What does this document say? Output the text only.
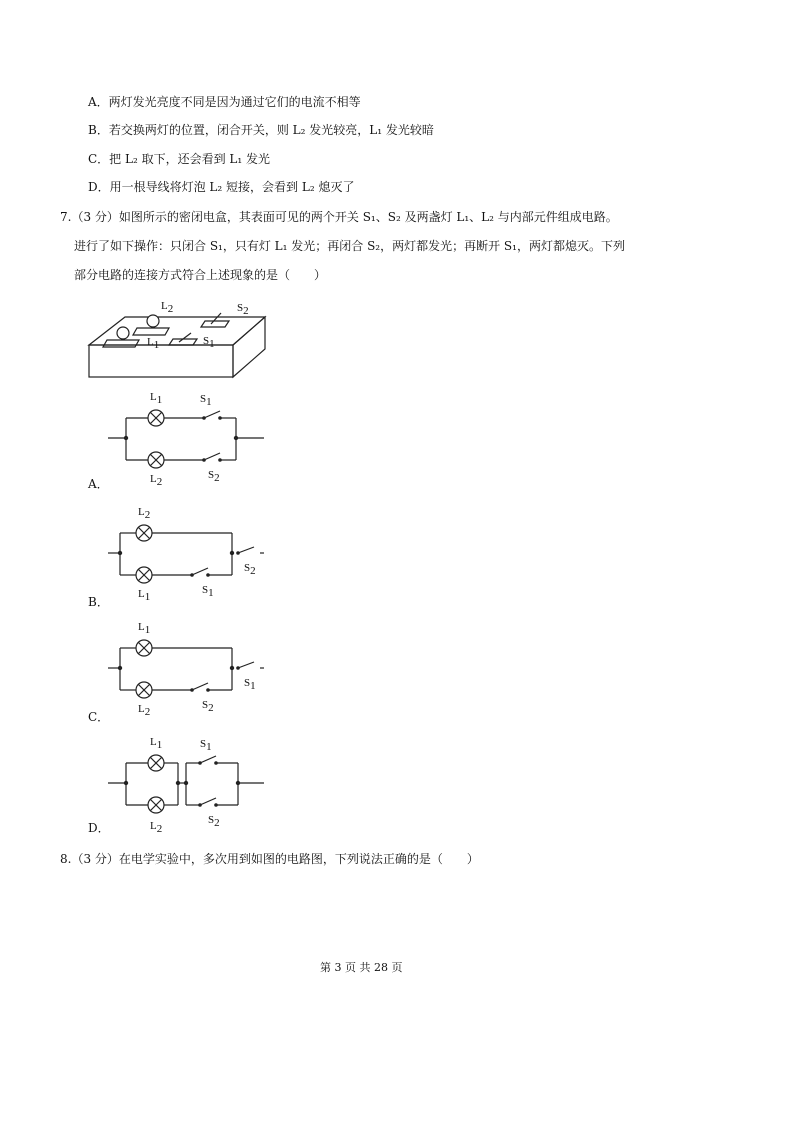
A．两灯发光亮度不同是因为通过它们的电流不相等
B．若交换两灯的位置，闭合开关，则 L₂ 发光较亮，L₁ 发光较暗
C．把 L₂ 取下，还会看到 L₁ 发光
D．用一根导线将灯泡 L₂ 短接，会看到 L₂ 熄灭了
7.（3 分）如图所示的密闭电盒，其表面可见的两个开关 S₁、S₂ 及两盏灯 L₁、L₂ 与内部元件组成电路。
进行了如下操作：只闭合 S₁，只有灯 L₁ 发光；再闭合 S₂，两灯都发光；再断开 S₁，两灯都熄灭。下列
部分电路的连接方式符合上述现象的是（　　）
L2	S2
L1	S1
L1	S1
L2
S2
A．
L2
L1
S1
S2
B．
L1
L2
S2
S1
C．
L1	S1
L2
S2
D．
8.（3 分）在电学实验中，多次用到如图的电路图，下列说法正确的是（　　）
第 3 页 共 28 页
